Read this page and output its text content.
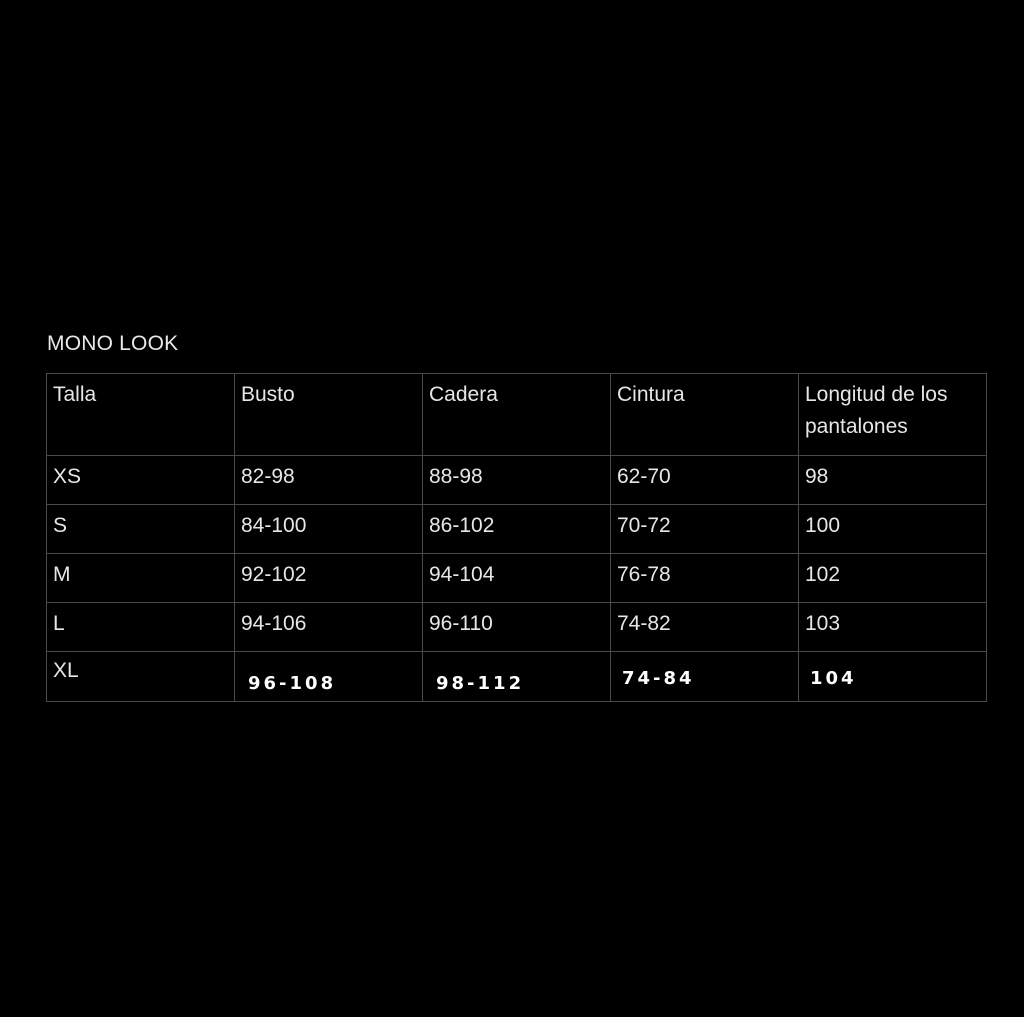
MONO LOOK
Talla	Busto	Cadera	Cintura	Longitud de los pantalones
XS	82-98	88-98	62-70	98
S	84-100	86-102	70-72	100
M	92-102	94-104	76-78	102
L	94-106	96-110	74-82	103
XL	96-108	98-112	74-84	104
